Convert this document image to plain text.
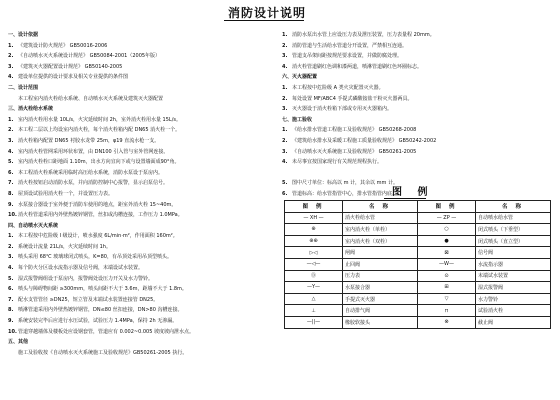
消防设计说明
一、设计依据
1. 《建筑设计防火规范》 GB50016-2006
2. 《自动喷水灭火系统设计规范》 GB50084-2001（2005年版）
3. 《建筑灭火器配置设计规范》 GB50140-2005
4. 建设单位提供的设计要求及相关专业提供的条件图
二、设计范围
本工程室内消火栓给水系统、自动喷水灭火系统及建筑灭火器配置
三、消火栓给水系统
1. 室内消火栓用水量 10L/s，火灾延续时间 2h，室外消火栓用水量 15L/s。
2. 本工程二层以上均设室内消火栓，每个消火栓箱内配 DN65 消火栓一个。
3. 消火栓箱内配置 DN65 衬胶水龙带 25m，φ19 直流水枪一支。
4. 室内消火栓管网采用环状布置，由 DN100 引入管与室外管网连接。
5. 室内消火栓栓口距地面 1.10m，出水方向宜向下或与设置墙面成90°角。
6. 本工程消火栓系统采用临时高压给水系统，消防水泵设于泵房内。
7. 消火栓按钮启动消防水泵，并向消防控制中心报警，显示启泵信号。
8. 屋顶设试验用消火栓一个，并设置压力表。
9. 水泵接合器设于室外便于消防车使用的地点，距室外消火栓 15~40m。
10.消火栓管道采用内外壁热镀锌钢管，丝扣或沟槽连接，工作压力 1.0MPa。
四、自动喷水灭火系统
1. 本工程按中危险级 I 级设计，喷水强度 6L/min·m²，作用面积 160m²。
2. 系统设计流量 21L/s，火灾延续时间 1h。
3. 喷头采用 68℃ 玻璃球闭式喷头，K=80，有吊顶处采用吊顶型喷头。
4. 每个防火分区设水流指示器及信号阀，末端设试水装置。
5. 湿式报警阀组设于泵房内，报警阀处设压力开关及水力警铃。
6. 喷头与障碍物间距 ≥300mm，喷头间距不大于 3.6m，距墙不大于 1.8m。
7. 配水支管管径 ≥DN25，短立管及末端试水装置连接管 DN25。
8. 喷淋管道采用内外壁热镀锌钢管，DN≤80 丝扣连接，DN>80 沟槽连接。
9. 系统安装完毕后应进行水压试验，试验压力 1.4MPa，保持 2h 无渗漏。
10.管道穿越墙体及楼板处应设钢套管，管道应有 0.002~0.005 坡度坡向泄水点。
五、其他
施工及验收按《自动喷水灭火系统施工及验收规范》GB50261-2005 执行。
1. 消防水泵出水管上应设压力表及泄压装置，压力表量程 20mm。
2. 消防管道与生活给水管道分开设置，严禁相互连通。
3. 管道支吊架间距按规范要求设置，并做防腐处理。
4. 消火栓管道刷红色调和漆两道，喷淋管道刷红色环圈标志。
六、灭火器配置
1. 本工程按中危险级 A 类火灾配置灭火器。
2. 每处设置 MF/ABC4 手提式磷酸铵盐干粉灭火器两具。
3. 灭火器设于消火栓箱下部或专用灭火器箱内。
七、施工验收
1. 《给水排水管道工程施工及验收规范》 GB50268-2008
2. 《建筑给水排水及采暖工程施工质量验收规范》 GB50242-2002
3. 《自动喷水灭火系统施工及验收规范》 GB50261-2005
4. 未尽事宜按国家现行有关规范规程执行。
5. 图中尺寸单位：标高以 m 计，其余以 mm 计。
6. 管道标高：给水管指管中心，排水管指管内底。
图 例
图 例	名 称	图 例	名 称
— XH —	消火栓给水管	— ZP —	自动喷水给水管
⊕	室内消火栓（单栓）	○	闭式喷头（下垂型）
⊕⊕	室内消火栓（双栓）	●	闭式喷头（直立型）
▷◁	闸阀	⊠	信号阀
—◁—	止回阀	—W—	水流指示器
Ⓓ	压力表	⊙	末端试水装置
—Y—	水泵接合器	⊞	湿式报警阀
△	手提式灭火器	▽	水力警铃
⊥	自动排气阀	⊓	试验消火栓
—||—	橡胶软接头	⊗	截止阀
